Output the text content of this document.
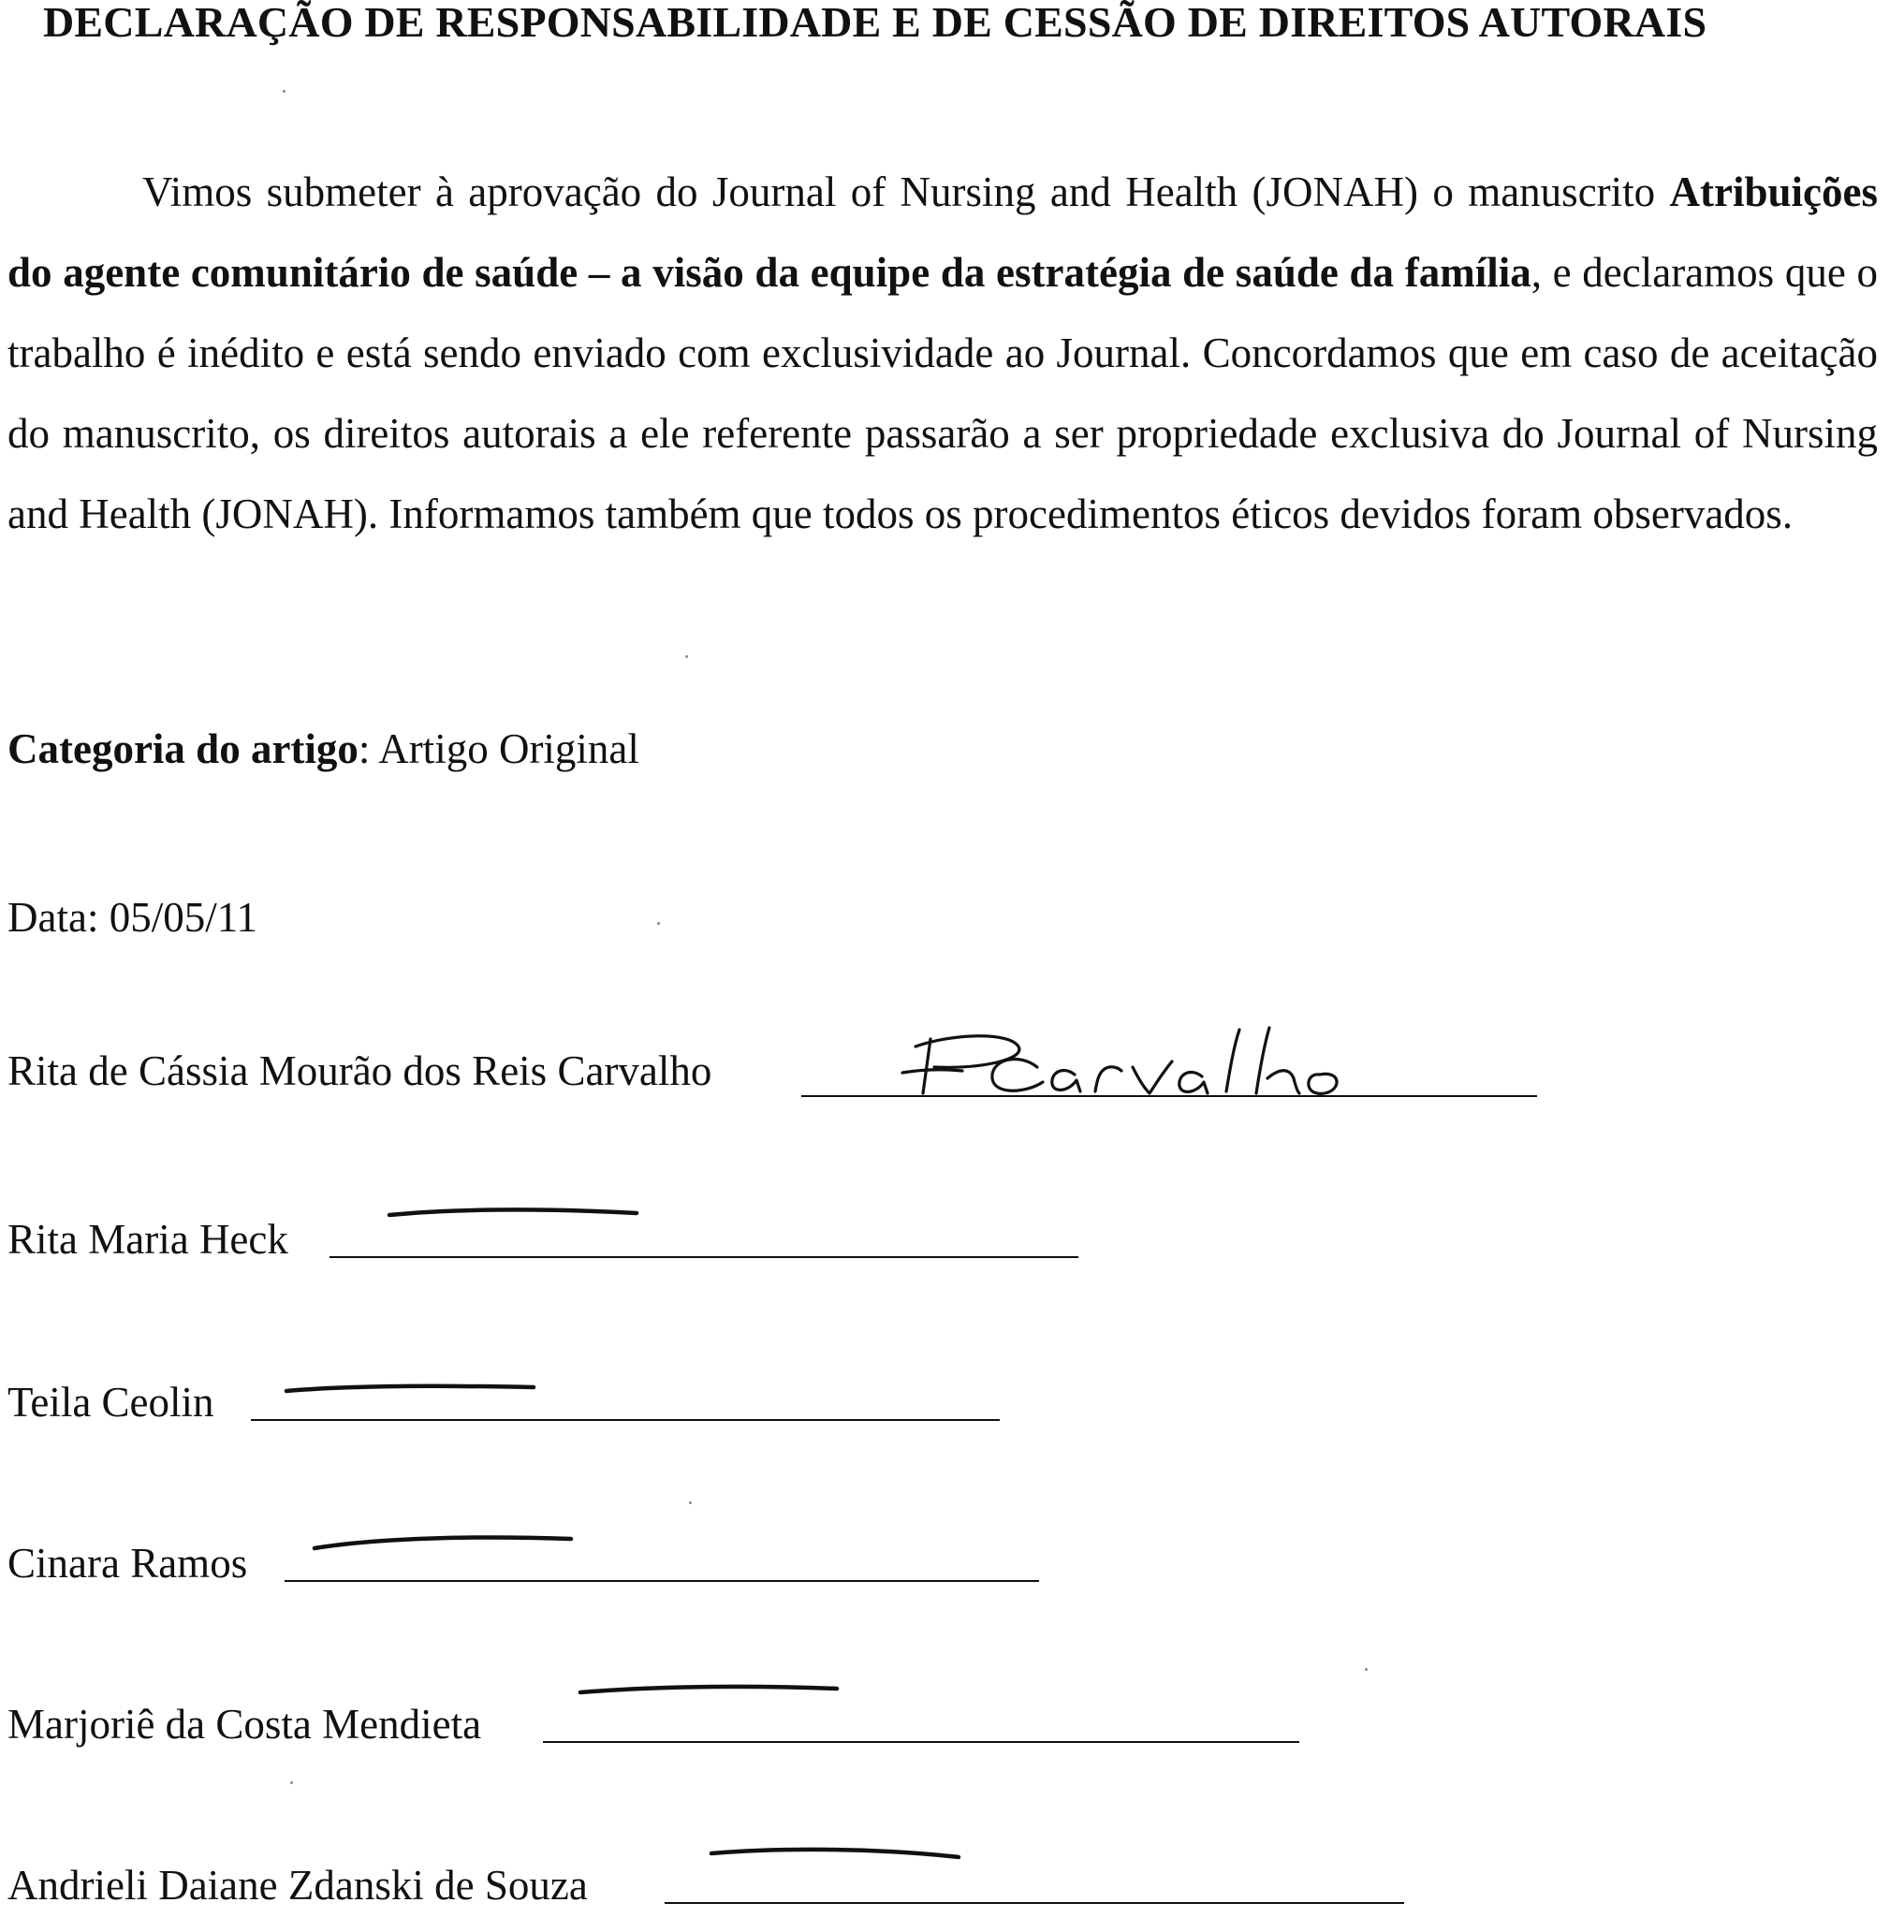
DECLARAÇÃO DE RESPONSABILIDADE E DE CESSÃO DE DIREITOS AUTORAIS

Vimos submeter à aprovação do Journal of Nursing and Health (JONAH) o manuscrito Atribuições do agente comunitário de saúde – a visão da equipe da estratégia de saúde da família, e declaramos que o trabalho é inédito e está sendo enviado com exclusividade ao Journal. Concordamos que em caso de aceitação do manuscrito, os direitos autorais a ele referente passarão a ser propriedade exclusiva do Journal of Nursing and Health (JONAH). Informamos também que todos os procedimentos éticos devidos foram observados.

Categoria do artigo: Artigo Original

Data: 05/05/11

Rita de Cássia Mourão dos Reis Carvalho
Rita Maria Heck
Teila Ceolin
Cinara Ramos
Marjoriê da Costa Mendieta
Andrieli Daiane Zdanski de Souza
